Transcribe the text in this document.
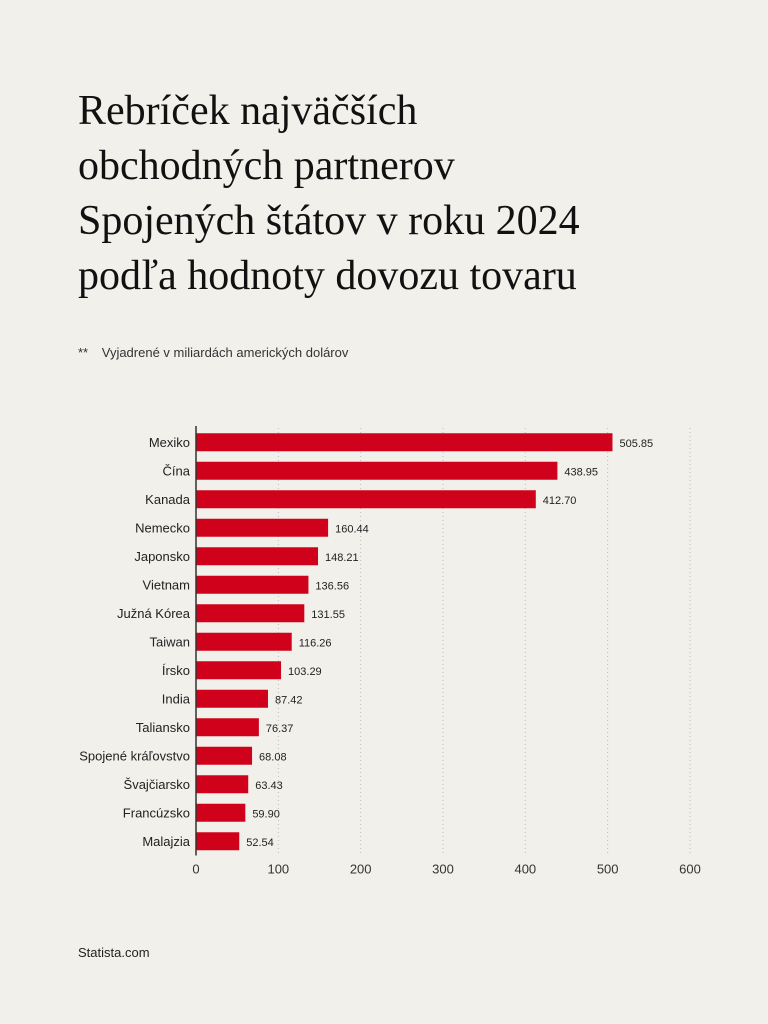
Rebríček najväčších
obchodných partnerov
Spojených štátov v roku 2024
podľa hodnoty dovozu tovaru
** Vyjadrené v miliardách amerických dolárov
0	100	200	300	400	500	600
Mexiko	505.85
Čína	438.95
Kanada	412.70
Nemecko	160.44
Japonsko	148.21
Vietnam	136.56
Južná Kórea	131.55
Taiwan	116.26
Írsko	103.29
India	87.42
Taliansko	76.37
Spojené kráľovstvo	68.08
Švajčiarsko	63.43
Francúzsko	59.90
Malajzia	52.54
Statista.com
